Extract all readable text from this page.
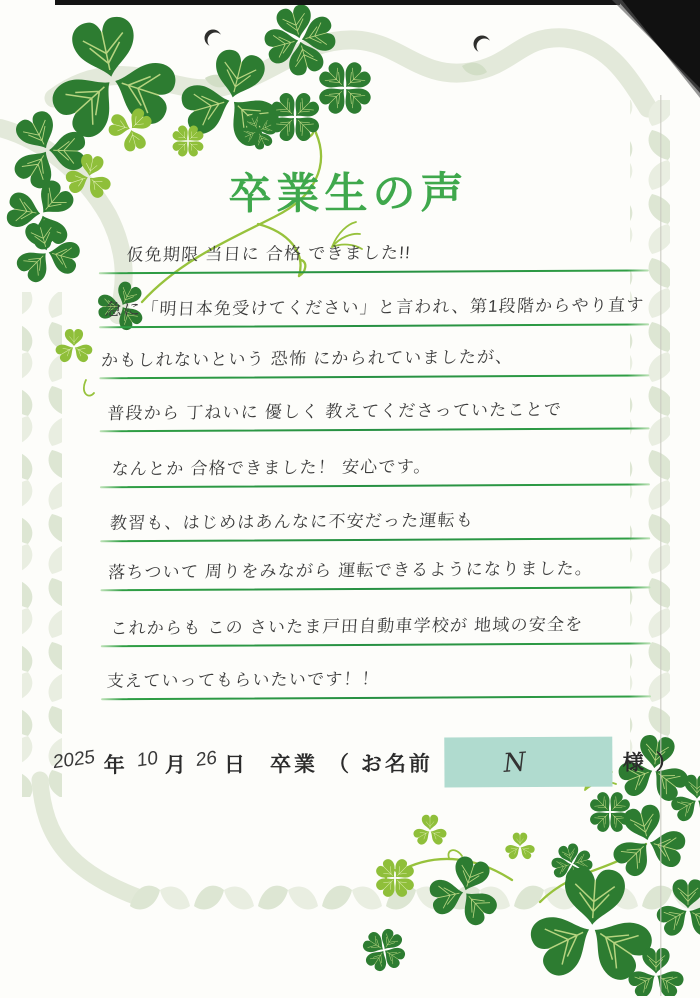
卒業生の声
仮免期限 当日に 合格 できました!!
急に「明日本免受けてください」と言われ、第1段階からやり直す
かもしれないという 恐怖 にかられていましたが、
普段から 丁ねいに 優しく 教えてくださっていたことで
なんとか 合格できました！ 安心です。
教習も、はじめはあんなに不安だった運転も
落ちついて 周りをみながら 運転できるようになりました。
これからも この さいたま戸田自動車学校が 地域の安全を
支えていってもらいたいです！！
2025 年 10 月 26 日 卒業 （ お名前	N	様 ）
